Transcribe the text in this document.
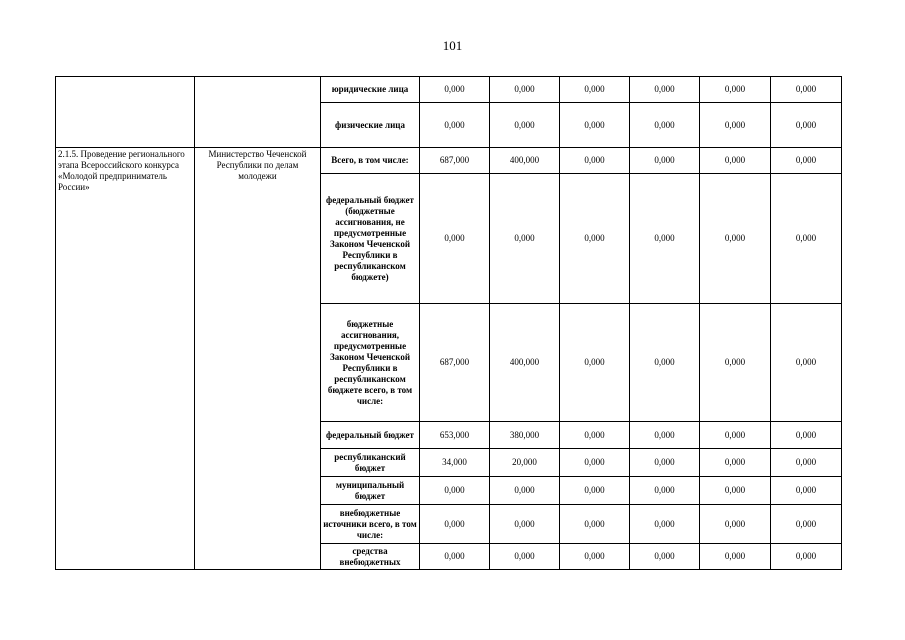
101
		юридические лица	0,000	0,000	0,000	0,000	0,000	0,000
		физические лица	0,000	0,000	0,000	0,000	0,000	0,000
2.1.5. Проведение регионального этапа Всероссийского конкурса «Молодой предприниматель России»	Министерство Чеченской Республики по делам молодежи	Всего, в том числе:	687,000	400,000	0,000	0,000	0,000	0,000
		федеральный бюджет (бюджетные ассигнования, не предусмотренные Законом Чеченской Республики в республиканском бюджете)	0,000	0,000	0,000	0,000	0,000	0,000
		бюджетные ассигнования, предусмотренные Законом Чеченской Республики в республиканском бюджете всего, в том числе:	687,000	400,000	0,000	0,000	0,000	0,000
		федеральный бюджет	653,000	380,000	0,000	0,000	0,000	0,000
		республиканский бюджет	34,000	20,000	0,000	0,000	0,000	0,000
		муниципальный бюджет	0,000	0,000	0,000	0,000	0,000	0,000
		внебюджетные источники всего, в том числе:	0,000	0,000	0,000	0,000	0,000	0,000
		средства внебюджетных	0,000	0,000	0,000	0,000	0,000	0,000
